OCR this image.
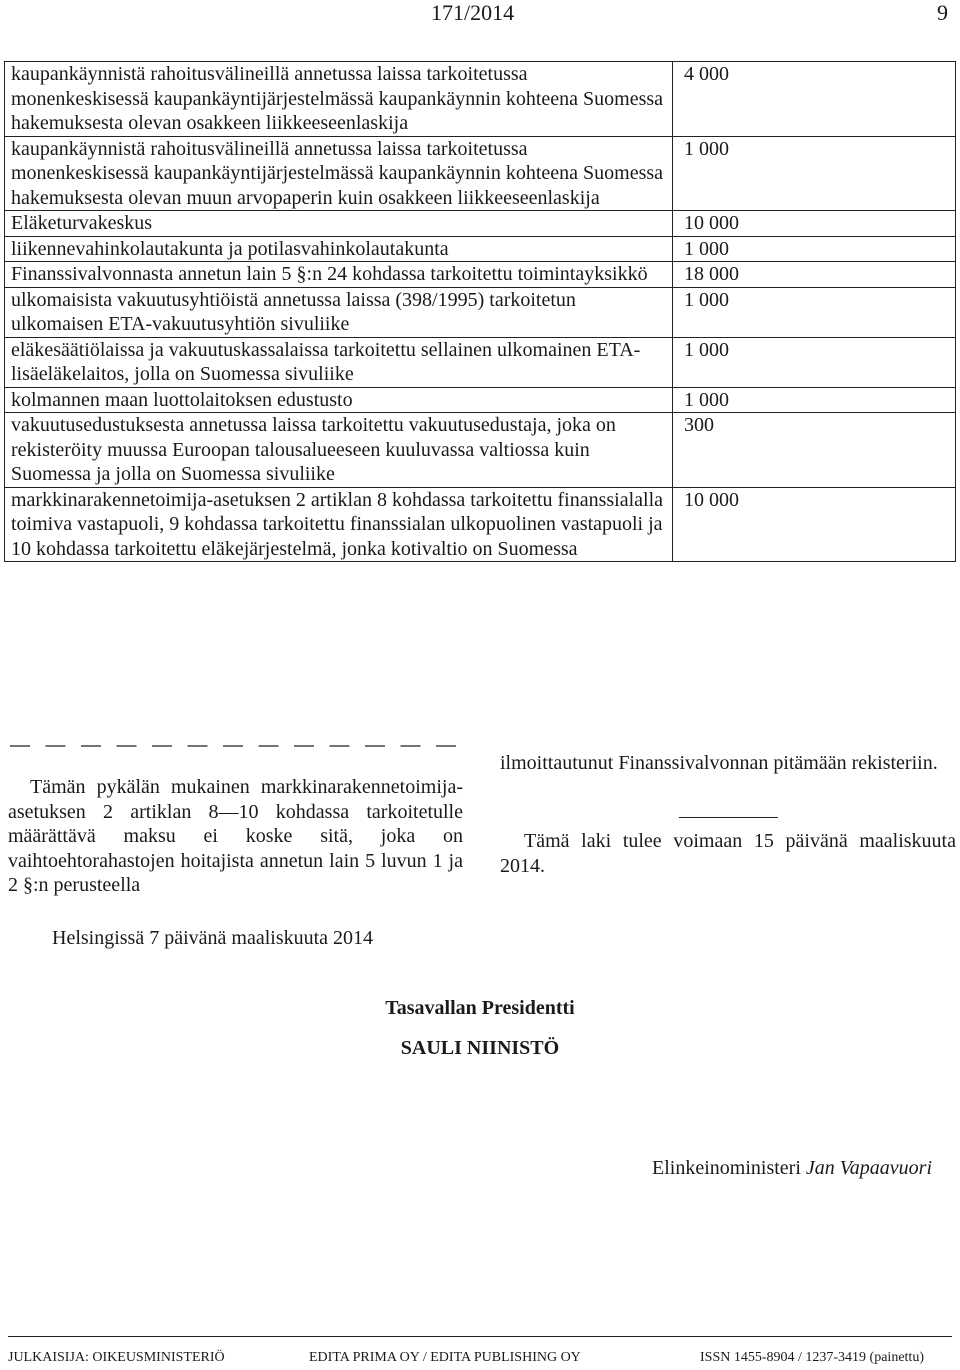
171/2014	9
kaupankäynnistä rahoitusvälineillä annetussa laissa tarkoitetussa monenkeskisessä kaupankäyntijärjestelmässä kaupankäynnin kohteena Suomessa hakemuksesta olevan osakkeen liikkeeseenlaskija	4 000
kaupankäynnistä rahoitusvälineillä annetussa laissa tarkoitetussa monenkeskisessä kaupankäyntijärjestelmässä kaupankäynnin kohteena Suomessa hakemuksesta olevan muun arvopaperin kuin osakkeen liikkeeseenlaskija	1 000
Eläketurvakeskus	10 000
liikennevahinkolautakunta ja potilasvahinkolautakunta	1 000
Finanssivalvonnasta annetun lain 5 §:n 24 kohdassa tarkoitettu toimintayksikkö	18 000
ulkomaisista vakuutusyhtiöistä annetussa laissa (398/1995) tarkoitetun ulkomaisen ETA-vakuutusyhtiön sivuliike	1 000
eläkesäätiölaissa ja vakuutuskassalaissa tarkoitettu sellainen ulkomainen ETA-lisäeläkelaitos, jolla on Suomessa sivuliike	1 000
kolmannen maan luottolaitoksen edustusto	1 000
vakuutusedustuksesta annetussa laissa tarkoitettu vakuutusedustaja, joka on rekisteröity muussa Euroopan talousalueeseen kuuluvassa valtiossa kuin Suomessa ja jolla on Suomessa sivuliike	300
markkinarakennetoimija-asetuksen 2 artiklan 8 kohdassa tarkoitettu finanssialalla toimiva vastapuoli, 9 kohdassa tarkoitettu finanssialan ulkopuolinen vastapuoli ja 10 kohdassa tarkoitettu eläkejärjestelmä, jonka kotivaltio on Suomessa	10 000
Tämän pykälän mukainen markkinarakennetoimija-asetuksen 2 artiklan 8—10 kohdassa tarkoitetulle määrättävä maksu ei koske sitä, joka on vaihtoehtorahastojen hoitajista annetun lain 5 luvun 1 ja 2 §:n perusteella
ilmoittautunut Finanssivalvonnan pitämään rekisteriin.
Tämä laki tulee voimaan 15 päivänä maaliskuuta 2014.
Helsingissä 7 päivänä maaliskuuta 2014
Tasavallan Presidentti
SAULI NIINISTÖ
Elinkeinoministeri Jan Vapaavuori
JULKAISIJA: OIKEUSMINISTERIÖ	EDITA PRIMA OY / EDITA PUBLISHING OY	ISSN 1455-8904 / 1237-3419 (painettu)
